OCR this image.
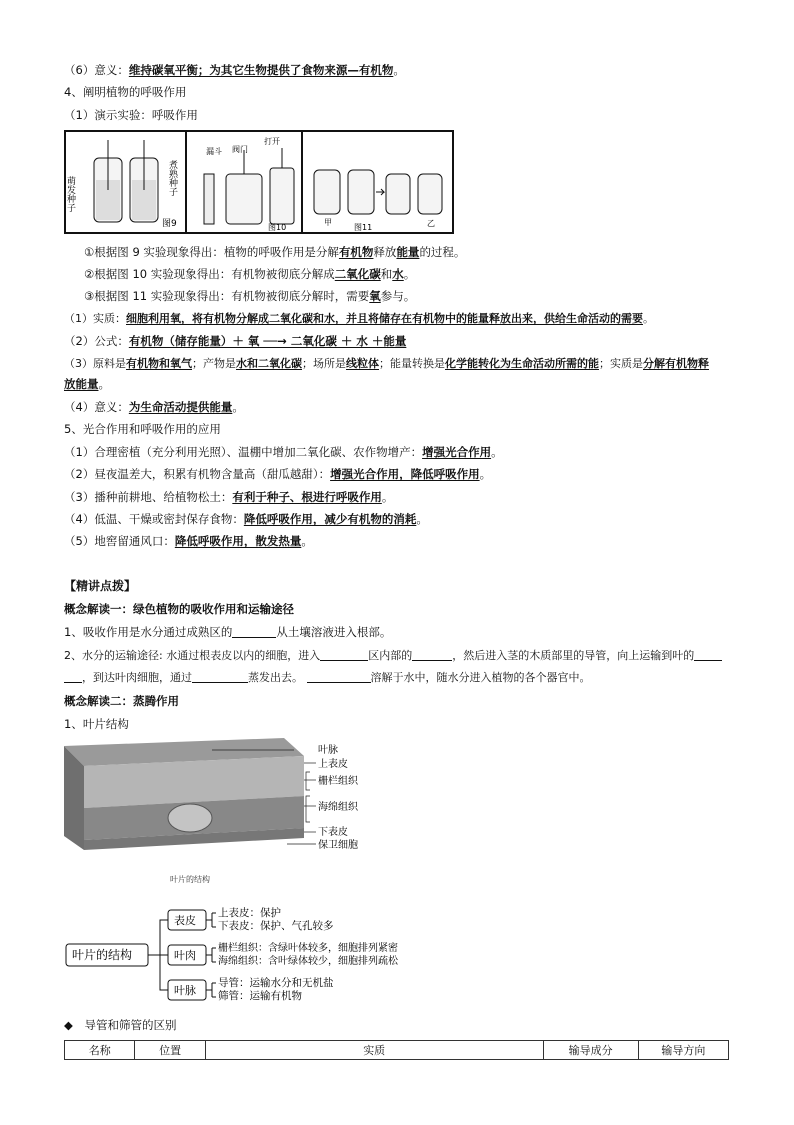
（6）意义：维持碳氧平衡；为其它生物提供了食物来源—有机物。
4、阐明植物的呼吸作用
（1）演示实验：呼吸作用
萌发种子	煮熟种子
图9
漏斗 阀门
打开
图10
甲	乙
图11
①根据图 9 实验现象得出：植物的呼吸作用是分解有机物释放能量的过程。
②根据图 10 实验现象得出：有机物被彻底分解成二氧化碳和水。
③根据图 11 实验现象得出：有机物被彻底分解时，需要氧参与。
（1）实质：细胞利用氧，将有机物分解成二氧化碳和水，并且将储存在有机物中的能量释放出来，供给生命活动的需要。
（2）公式：有机物（储存能量）＋ 氧 ──→ 二氧化碳 ＋ 水 ＋能量
（3）原料是有机物和氧气；产物是水和二氧化碳；场所是线粒体；能量转换是化学能转化为生命活动所需的能；实质是分解有机物释
放能量。
（4）意义：为生命活动提供能量。
5、光合作用和呼吸作用的应用
（1）合理密植（充分利用光照）、温棚中增加二氧化碳、农作物增产：增强光合作用。
（2）昼夜温差大，积累有机物含量高（甜瓜越甜）：增强光合作用，降低呼吸作用。
（3）播种前耕地、给植物松土：有利于种子、根进行呼吸作用。
（4）低温、干燥或密封保存食物：降低呼吸作用，减少有机物的消耗。
（5）地窖留通风口：降低呼吸作用，散发热量。
【精讲点拨】
概念解读一：绿色植物的吸收作用和运输途径
1、吸收作用是水分通过成熟区的	从土壤溶液进入根部。
2、水分的运输途径: 水通过根表皮以内的细胞，进入	区内部的	，然后进入茎的木质部里的导管，向上运输到叶的
，到达叶肉细胞，通过	蒸发出去。	溶解于水中，随水分进入植物的各个器官中。
概念解读二：蒸腾作用
1、叶片结构
叶脉
上表皮
栅栏组织
海绵组织
下表皮
保卫细胞
叶片的结构
叶片的结构
表皮
叶肉
叶脉
上表皮：保护
下表皮：保护、气孔较多
栅栏组织：含绿叶体较多，细胞排列紧密
海绵组织：含叶绿体较少，细胞排列疏松
导管：运输水分和无机盐
筛管：运输有机物
◆ 导管和筛管的区别
名称	位置	实质	输导成分	输导方向
